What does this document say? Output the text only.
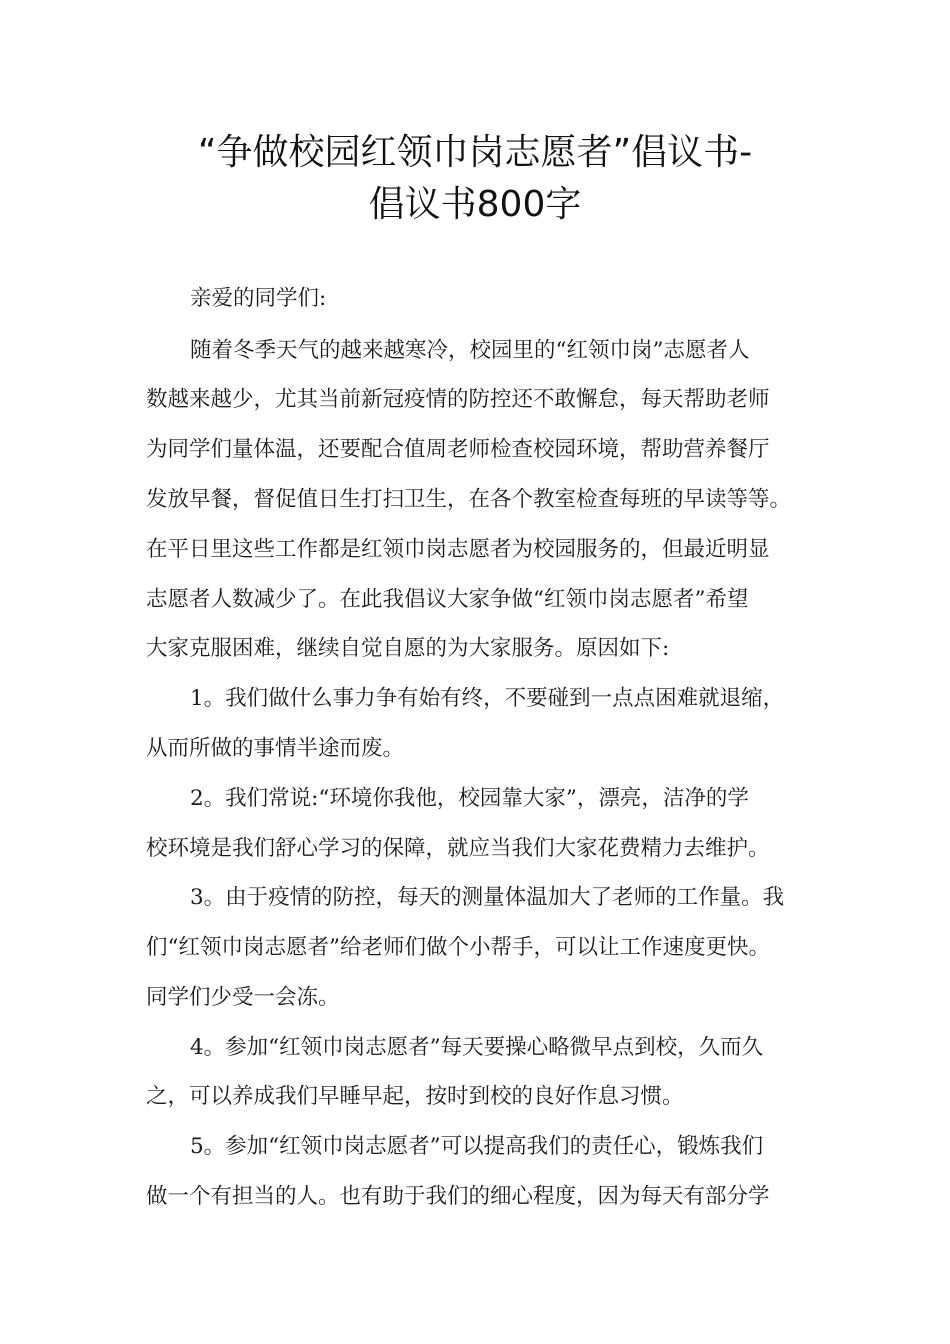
“争做校园红领巾岗志愿者”倡议书-
倡议书800字

亲爱的同学们:

随着冬季天气的越来越寒冷，校园里的“红领巾岗”志愿者人

数越来越少，尤其当前新冠疫情的防控还不敢懈怠，每天帮助老师

为同学们量体温，还要配合值周老师检查校园环境，帮助营养餐厅

发放早餐，督促值日生打扫卫生，在各个教室检查每班的早读等等。

在平日里这些工作都是红领巾岗志愿者为校园服务的，但最近明显

志愿者人数减少了。在此我倡议大家争做“红领巾岗志愿者”希望

大家克服困难，继续自觉自愿的为大家服务。原因如下:

1。我们做什么事力争有始有终，不要碰到一点点困难就退缩，

从而所做的事情半途而废。

2。我们常说:“环境你我他，校园靠大家”，漂亮，洁净的学

校环境是我们舒心学习的保障，就应当我们大家花费精力去维护。

3。由于疫情的防控，每天的测量体温加大了老师的工作量。我

们“红领巾岗志愿者”给老师们做个小帮手，可以让工作速度更快。

同学们少受一会冻。

4。参加“红领巾岗志愿者”每天要操心略微早点到校，久而久

之，可以养成我们早睡早起，按时到校的良好作息习惯。

5。参加“红领巾岗志愿者”可以提高我们的责任心，锻炼我们

做一个有担当的人。也有助于我们的细心程度，因为每天有部分学
